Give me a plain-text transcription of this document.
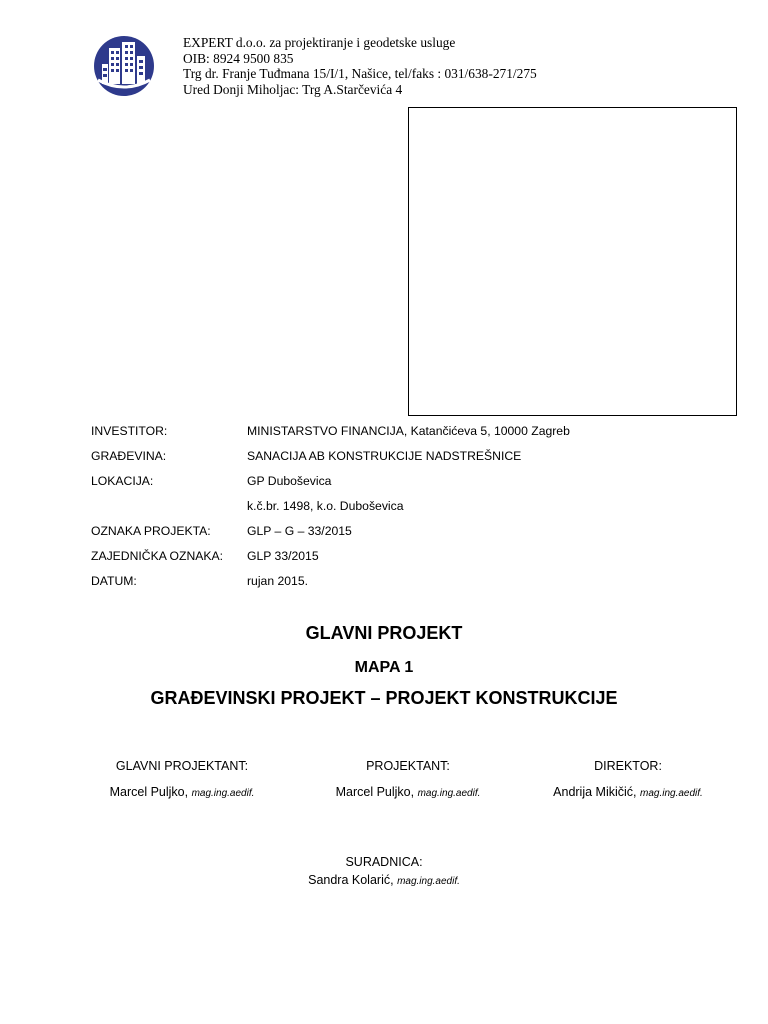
EXPERT d.o.o. za projektiranje i geodetske usluge
OIB: 8924 9500 835
Trg dr. Franje Tuđmana 15/I/1, Našice, tel/faks : 031/638-271/275
Ured Donji Miholjac: Trg A.Starčevića 4
INVESTITOR:	MINISTARSTVO FINANCIJA, Katančićeva 5, 10000 Zagreb
GRAĐEVINA:	SANACIJA AB KONSTRUKCIJE NADSTREŠNICE
LOKACIJA:	GP Duboševica
k.č.br. 1498, k.o. Duboševica
OZNAKA PROJEKTA:	GLP – G – 33/2015
ZAJEDNIČKA OZNAKA:	GLP 33/2015
DATUM:	rujan 2015.
GLAVNI PROJEKT
MAPA 1
GRAĐEVINSKI PROJEKT – PROJEKT KONSTRUKCIJE
GLAVNI PROJEKTANT:
Marcel Puljko, mag.ing.aedif.
PROJEKTANT:
Marcel Puljko, mag.ing.aedif.
DIREKTOR:
Andrija Mikičić, mag.ing.aedif.
SURADNICA:
Sandra Kolarić, mag.ing.aedif.
